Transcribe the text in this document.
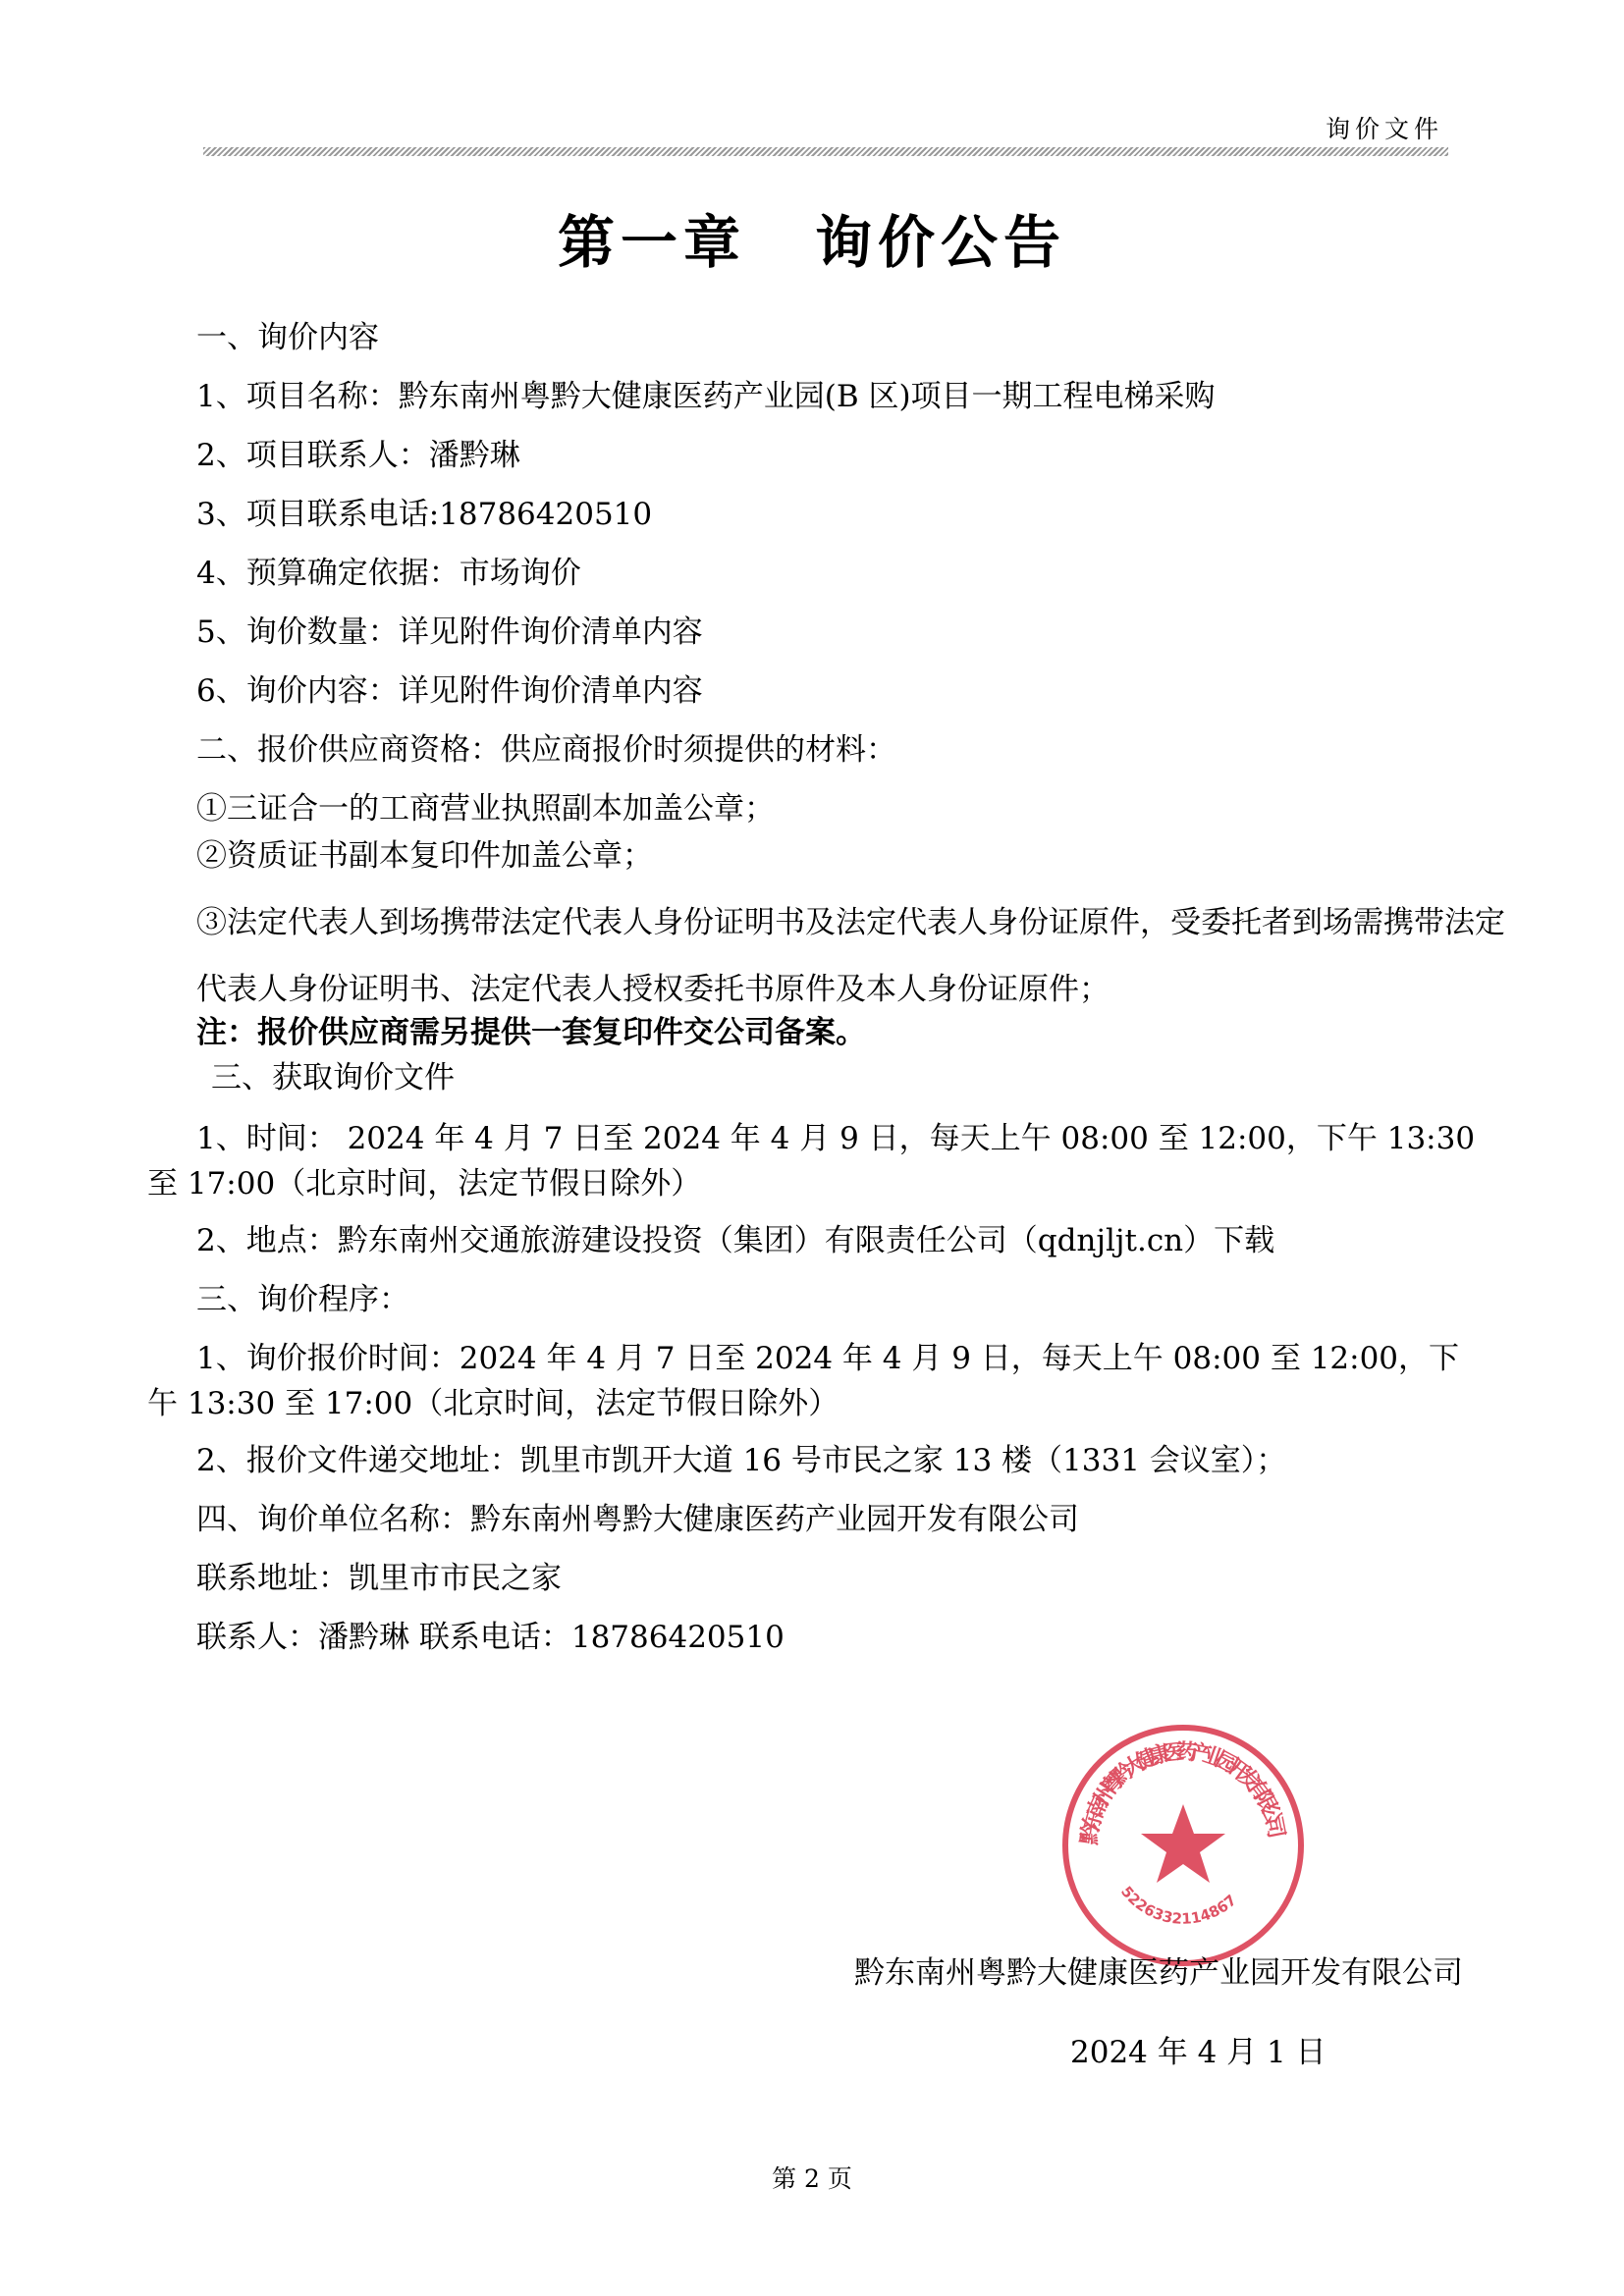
询价文件
第一章 询价公告
一、询价内容
1、项目名称：黔东南州粤黔大健康医药产业园(B 区)项目一期工程电梯采购
2、项目联系人：潘黔琳
3、项目联系电话:18786420510
4、预算确定依据：市场询价
5、询价数量：详见附件询价清单内容
6、询价内容：详见附件询价清单内容
二、报价供应商资格：供应商报价时须提供的材料：
①三证合一的工商营业执照副本加盖公章；
②资质证书副本复印件加盖公章；
③法定代表人到场携带法定代表人身份证明书及法定代表人身份证原件，受委托者到场需携带法定
代表人身份证明书、法定代表人授权委托书原件及本人身份证原件；
注：报价供应商需另提供一套复印件交公司备案。
三、获取询价文件
1、时间： 2024 年 4 月 7 日至 2024 年 4 月 9 日，每天上午 08:00 至 12:00，下午 13:30
至 17:00（北京时间，法定节假日除外）
2、地点：黔东南州交通旅游建设投资（集团）有限责任公司（qdnjljt.cn）下载
三、询价程序：
1、询价报价时间：2024 年 4 月 7 日至 2024 年 4 月 9 日，每天上午 08:00 至 12:00，下
午 13:30 至 17:00（北京时间，法定节假日除外）
2、报价文件递交地址：凯里市凯开大道 16 号市民之家 13 楼（1331 会议室）；
四、询价单位名称：黔东南州粤黔大健康医药产业园开发有限公司
联系地址：凯里市市民之家
联系人：潘黔琳 联系电话：18786420510
黔东南州粤黔大健康医药产业园开发有限公司
5226332114867
黔东南州粤黔大健康医药产业园开发有限公司
2024 年 4 月 1 日
第 2 页
